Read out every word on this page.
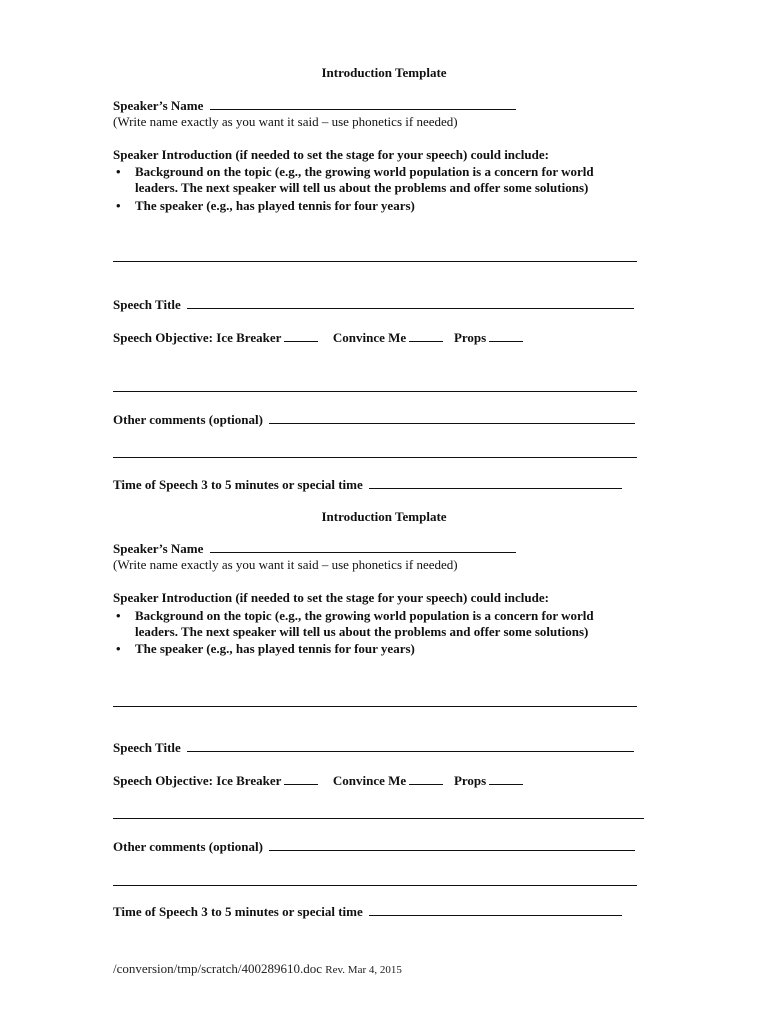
Introduction Template
Speaker’s Name
(Write name exactly as you want it said – use phonetics if needed)
Speaker Introduction (if needed to set the stage for your speech) could include:
• Background on the topic (e.g., the growing world population is a concern for world
leaders. The next speaker will tell us about the problems and offer some solutions)
• The speaker (e.g., has played tennis for four years)
Speech Title
Speech Objective: Ice Breaker	Convince Me	Props
Other comments (optional)
Time of Speech 3 to 5 minutes or special time
Introduction Template
Speaker’s Name
(Write name exactly as you want it said – use phonetics if needed)
Speaker Introduction (if needed to set the stage for your speech) could include:
• Background on the topic (e.g., the growing world population is a concern for world
leaders. The next speaker will tell us about the problems and offer some solutions)
• The speaker (e.g., has played tennis for four years)
Speech Title
Speech Objective: Ice Breaker	Convince Me	Props
Other comments (optional)
Time of Speech 3 to 5 minutes or special time
/conversion/tmp/scratch/400289610.doc Rev. Mar 4, 2015
